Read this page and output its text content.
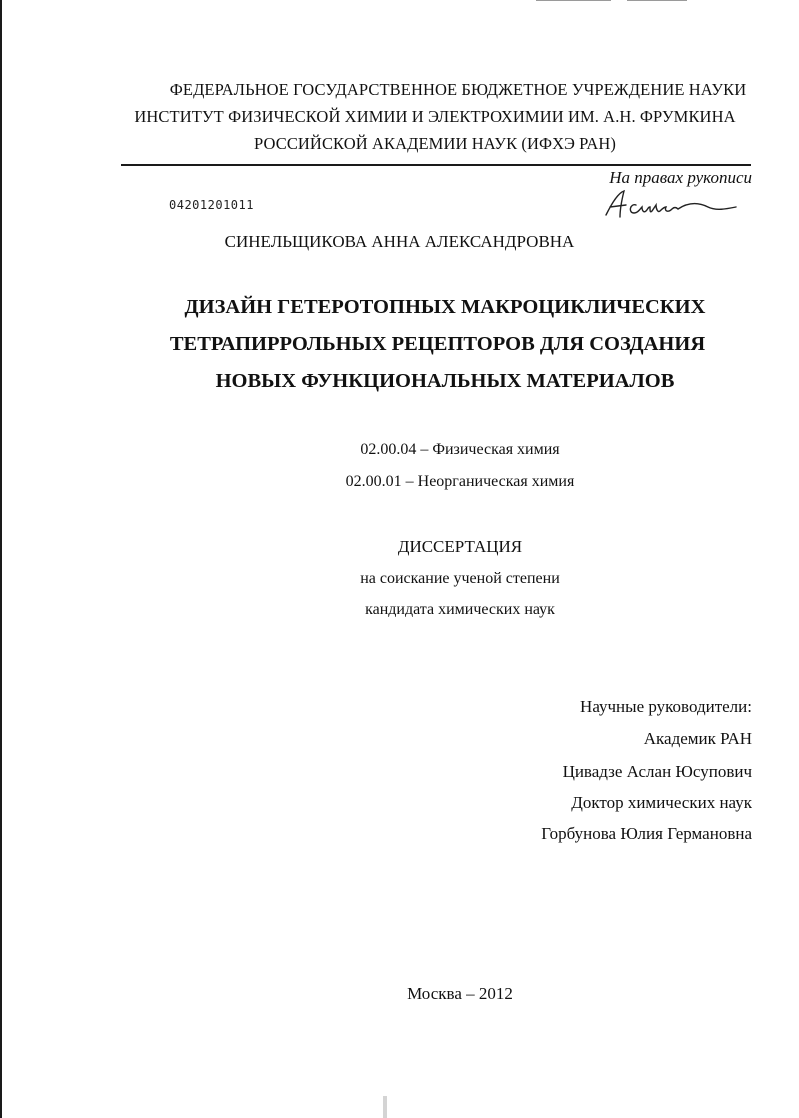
ФЕДЕРАЛЬНОЕ ГОСУДАРСТВЕННОЕ БЮДЖЕТНОЕ УЧРЕЖДЕНИЕ НАУКИ
ИНСТИТУТ ФИЗИЧЕСКОЙ ХИМИИ И ЭЛЕКТРОХИМИИ ИМ. А.Н. ФРУМКИНА
РОССИЙСКОЙ АКАДЕМИИ НАУК (ИФХЭ РАН)
На правах рукописи
04201201011
СИНЕЛЬЩИКОВА АННА АЛЕКСАНДРОВНА
ДИЗАЙН ГЕТЕРОТОПНЫХ МАКРОЦИКЛИЧЕСКИХ
ТЕТРАПИРРОЛЬНЫХ РЕЦЕПТОРОВ ДЛЯ СОЗДАНИЯ
НОВЫХ ФУНКЦИОНАЛЬНЫХ МАТЕРИАЛОВ
02.00.04 – Физическая химия
02.00.01 – Неорганическая химия
ДИССЕРТАЦИЯ
на соискание ученой степени
кандидата химических наук
Научные руководители:
Академик РАН
Цивадзе Аслан Юсупович
Доктор химических наук
Горбунова Юлия Германовна
Москва – 2012
